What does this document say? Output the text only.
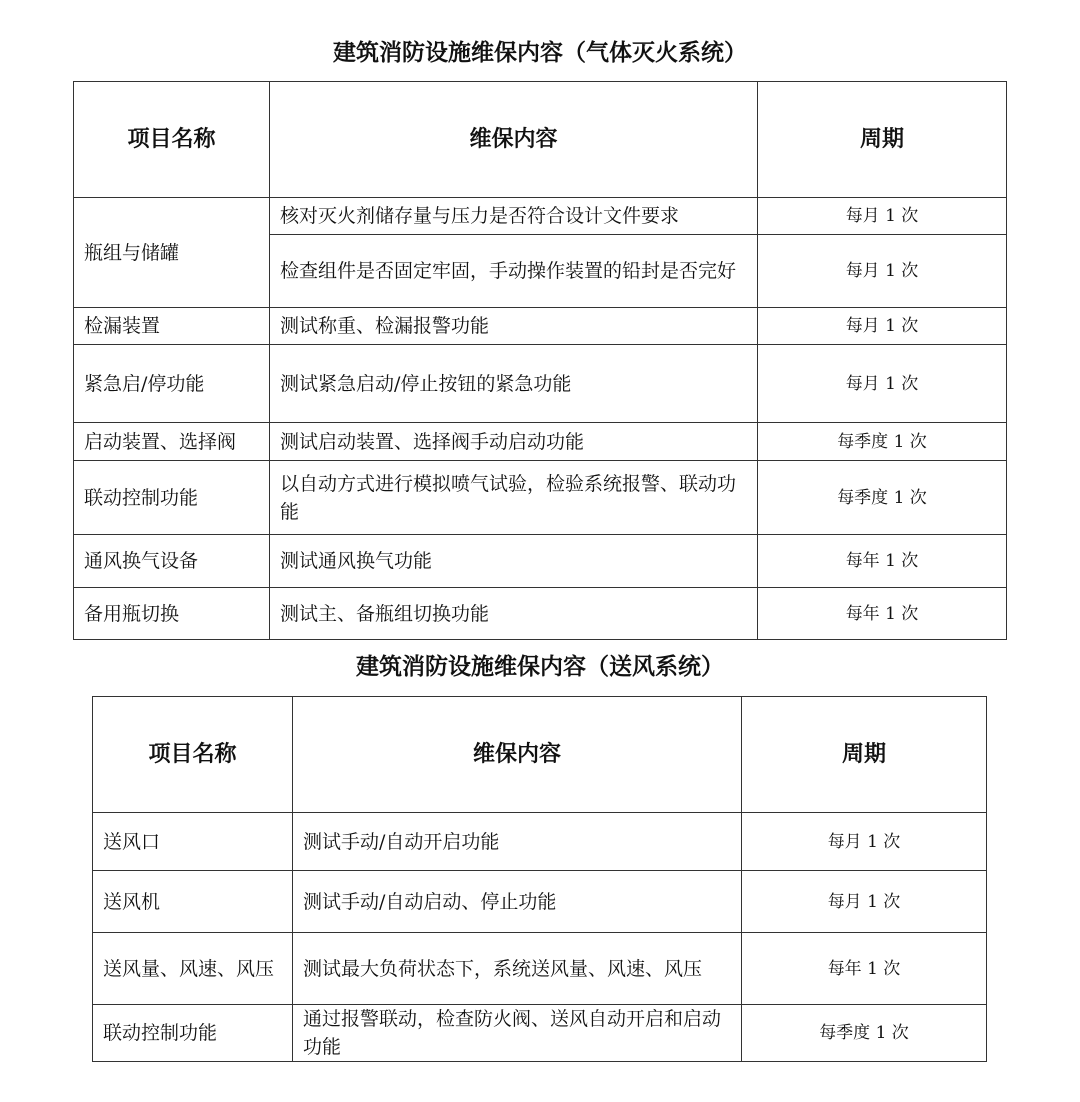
建筑消防设施维保内容（气体灭火系统）
项目名称	维保内容	周期
瓶组与储罐	核对灭火剂储存量与压力是否符合设计文件要求	每月 1 次
	检查组件是否固定牢固，手动操作装置的铅封是否完好	每月 1 次
检漏装置	测试称重、检漏报警功能	每月 1 次
紧急启/停功能	测试紧急启动/停止按钮的紧急功能	每月 1 次
启动装置、选择阀	测试启动装置、选择阀手动启动功能	每季度 1 次
联动控制功能	以自动方式进行模拟喷气试验，检验系统报警、联动功能	每季度 1 次
通风换气设备	测试通风换气功能	每年 1 次
备用瓶切换	测试主、备瓶组切换功能	每年 1 次
建筑消防设施维保内容（送风系统）
项目名称	维保内容	周期
送风口	测试手动/自动开启功能	每月 1 次
送风机	测试手动/自动启动、停止功能	每月 1 次
送风量、风速、风压	测试最大负荷状态下，系统送风量、风速、风压	每年 1 次
联动控制功能	通过报警联动，检查防火阀、送风自动开启和启动功能	每季度 1 次
